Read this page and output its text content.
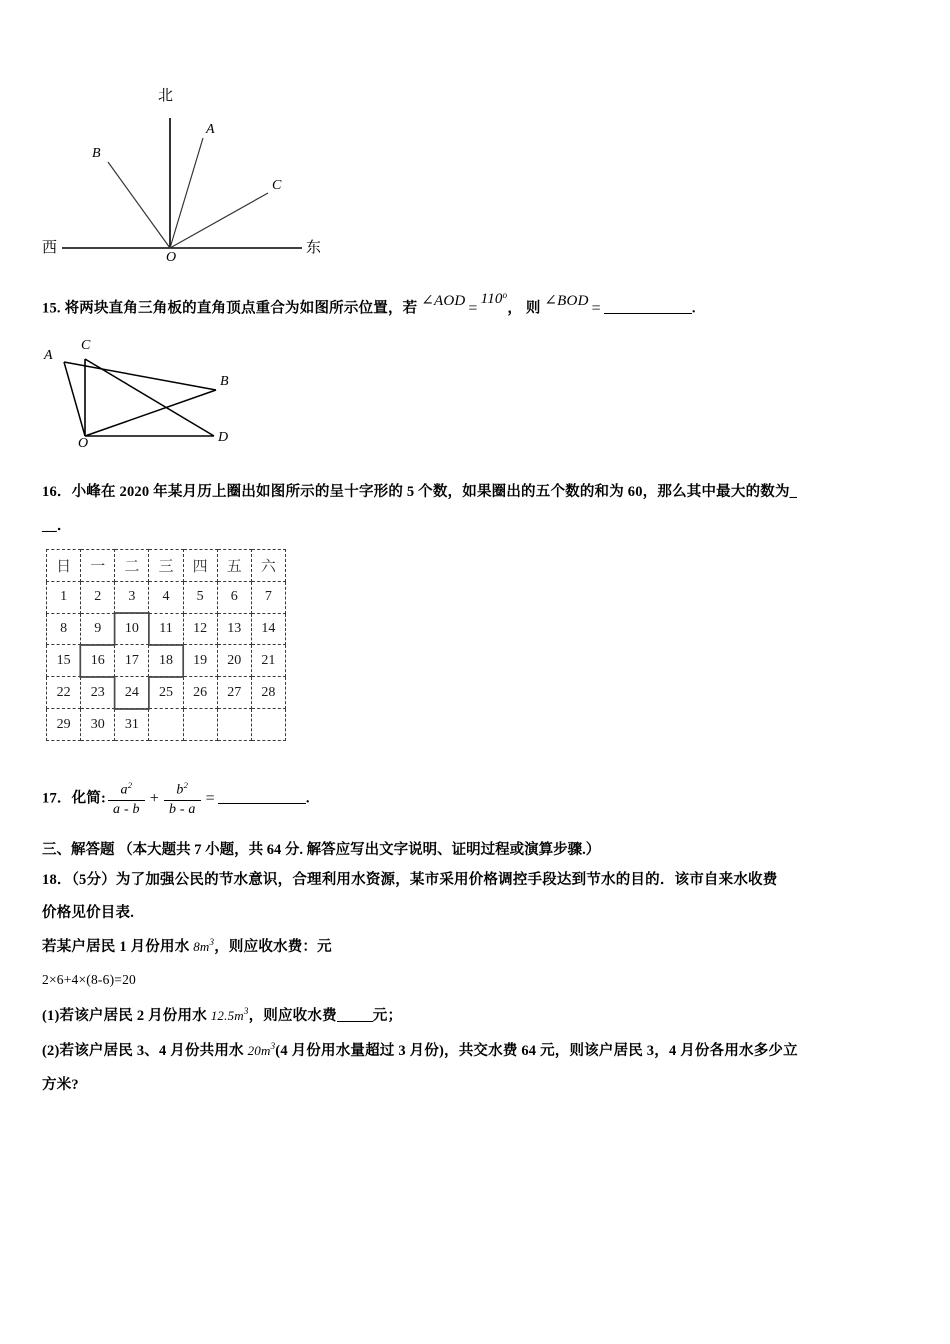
北
西	东
O
A
B
C
15. 将两块直角三角板的直角顶点重合为如图所示位置，若 ∠AOD $=110^o$， 则 ∠BOD =	.
A
C
B
O	D
16．小峰在 2020 年某月历上圈出如图所示的呈十字形的 5 个数，如果圈出的五个数的和为 60，那么其中最大的数为_
__．
日	一	二	三	四	五	六
1	2	3	4	5	6	7
8	9	10	11	12	13	14
15	16	17	18	19	20	21
22	23	24	25	26	27	28
29	30	31				
17．化简: $\frac{a^2}{a - b} + \frac{b^2}{b - a}$ =	.
三、解答题 （本大题共 7 小题，共 64 分. 解答应写出文字说明、证明过程或演算步骤.）
18．（5分）为了加强公民的节水意识，合理利用水资源，某市采用价格调控手段达到节水的目的．该市自来水收费
价格见价目表.
若某户居民 1 月份用水 $8m^3$，则应收水费：元
2×6+4×(8-6)=20
(1)若该户居民 2 月份用水 $12.5m^3$，则应收水费 元；
(2)若该户居民 3、4 月份共用水 $20m^3(4$ 月份用水量超过 3 月份)，共交水费 64 元，则该户居民 3，4 月份各用水多少立
方米?
